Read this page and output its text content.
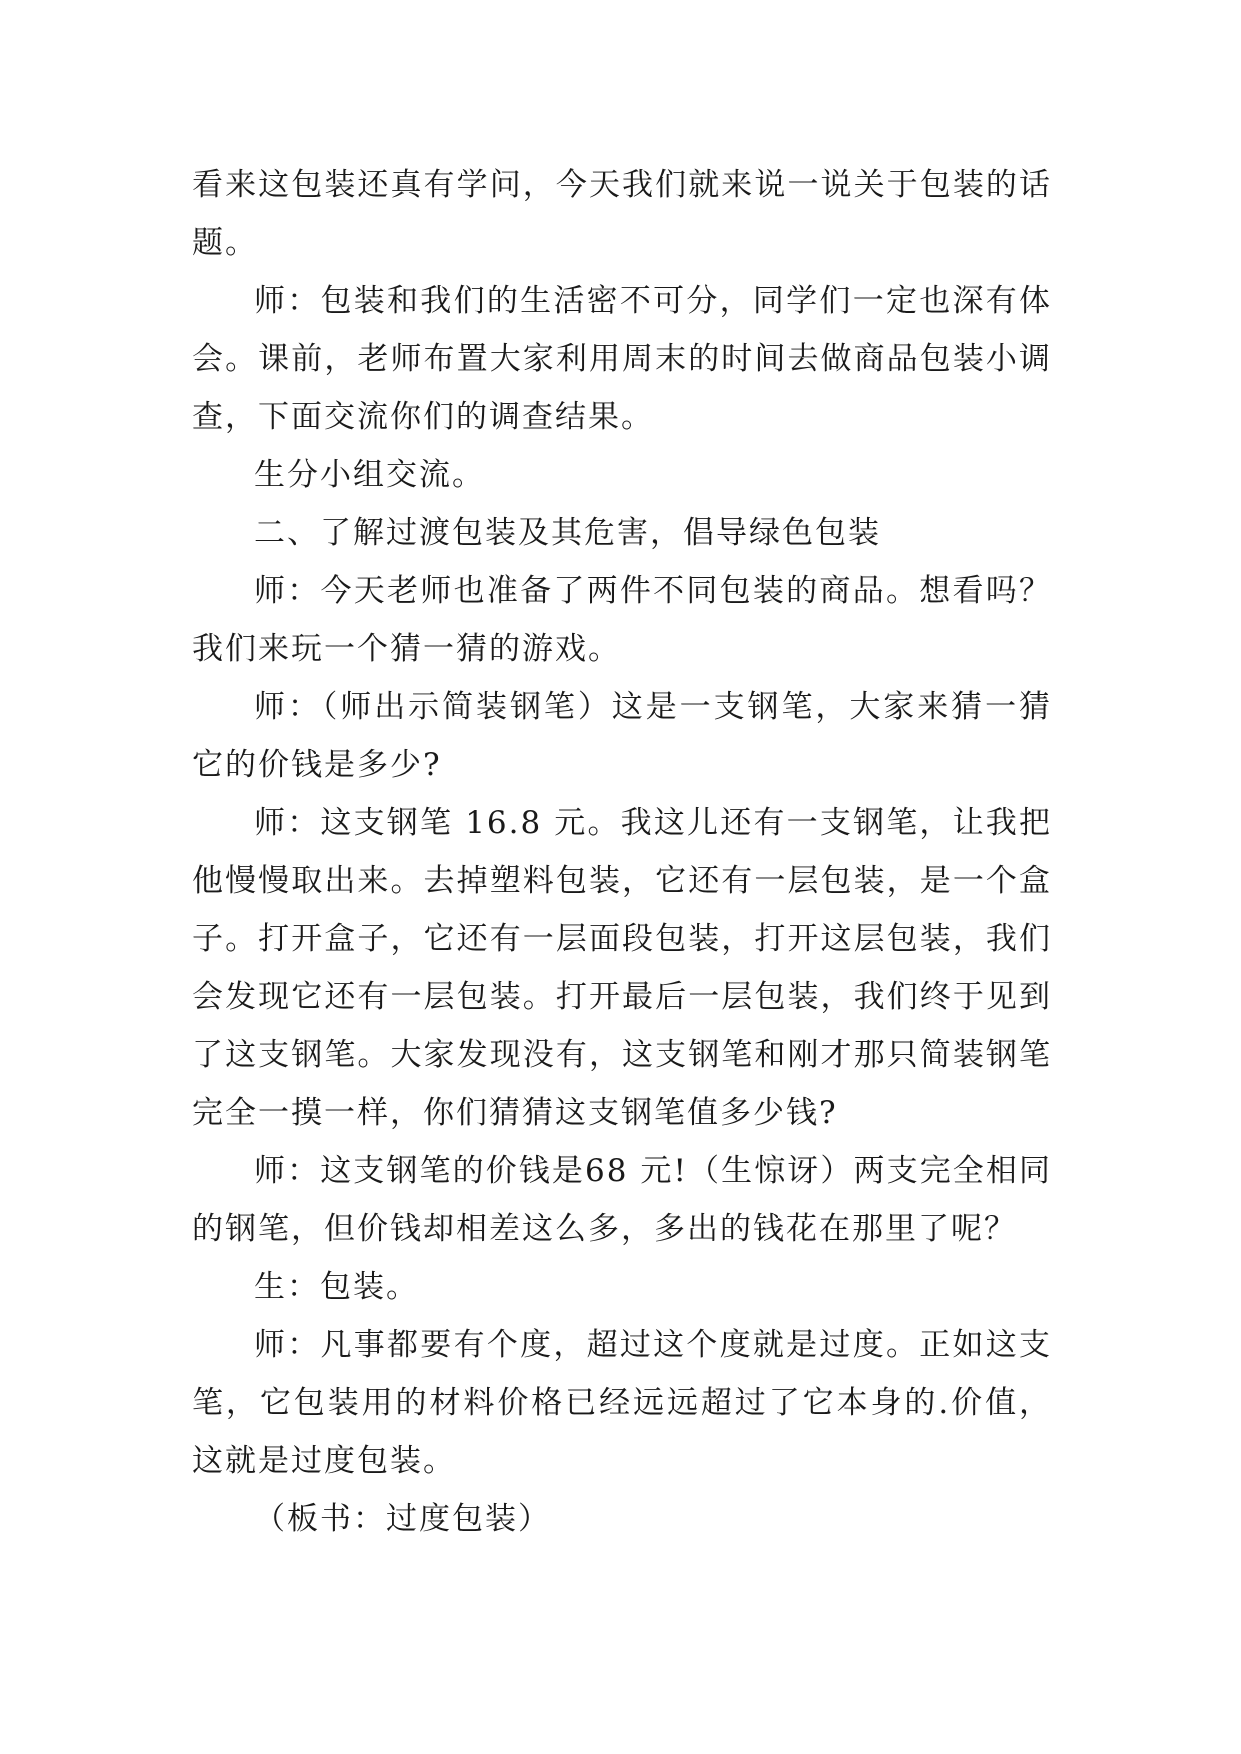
看来这包装还真有学问，今天我们就来说一说关于包装的话题。

师：包装和我们的生活密不可分，同学们一定也深有体会。课前，老师布置大家利用周末的时间去做商品包装小调查，下面交流你们的调查结果。

生分小组交流。

二、了解过渡包装及其危害，倡导绿色包装

师：今天老师也准备了两件不同包装的商品。想看吗？我们来玩一个猜一猜的游戏。

师：（师出示简装钢笔）这是一支钢笔，大家来猜一猜它的价钱是多少?

师：这支钢笔 16.8 元。我这儿还有一支钢笔，让我把他慢慢取出来。去掉塑料包装，它还有一层包装，是一个盒子。打开盒子，它还有一层面段包装，打开这层包装，我们会发现它还有一层包装。打开最后一层包装，我们终于见到了这支钢笔。大家发现没有，这支钢笔和刚才那只简装钢笔完全一摸一样，你们猜猜这支钢笔值多少钱?

师：这支钢笔的价钱是68 元!（生惊讶）两支完全相同的钢笔，但价钱却相差这么多，多出的钱花在那里了呢？

生：包装。

师：凡事都要有个度，超过这个度就是过度。正如这支笔，它包装用的材料价格已经远远超过了它本身的.价值，这就是过度包装。

（板书：过度包装）
